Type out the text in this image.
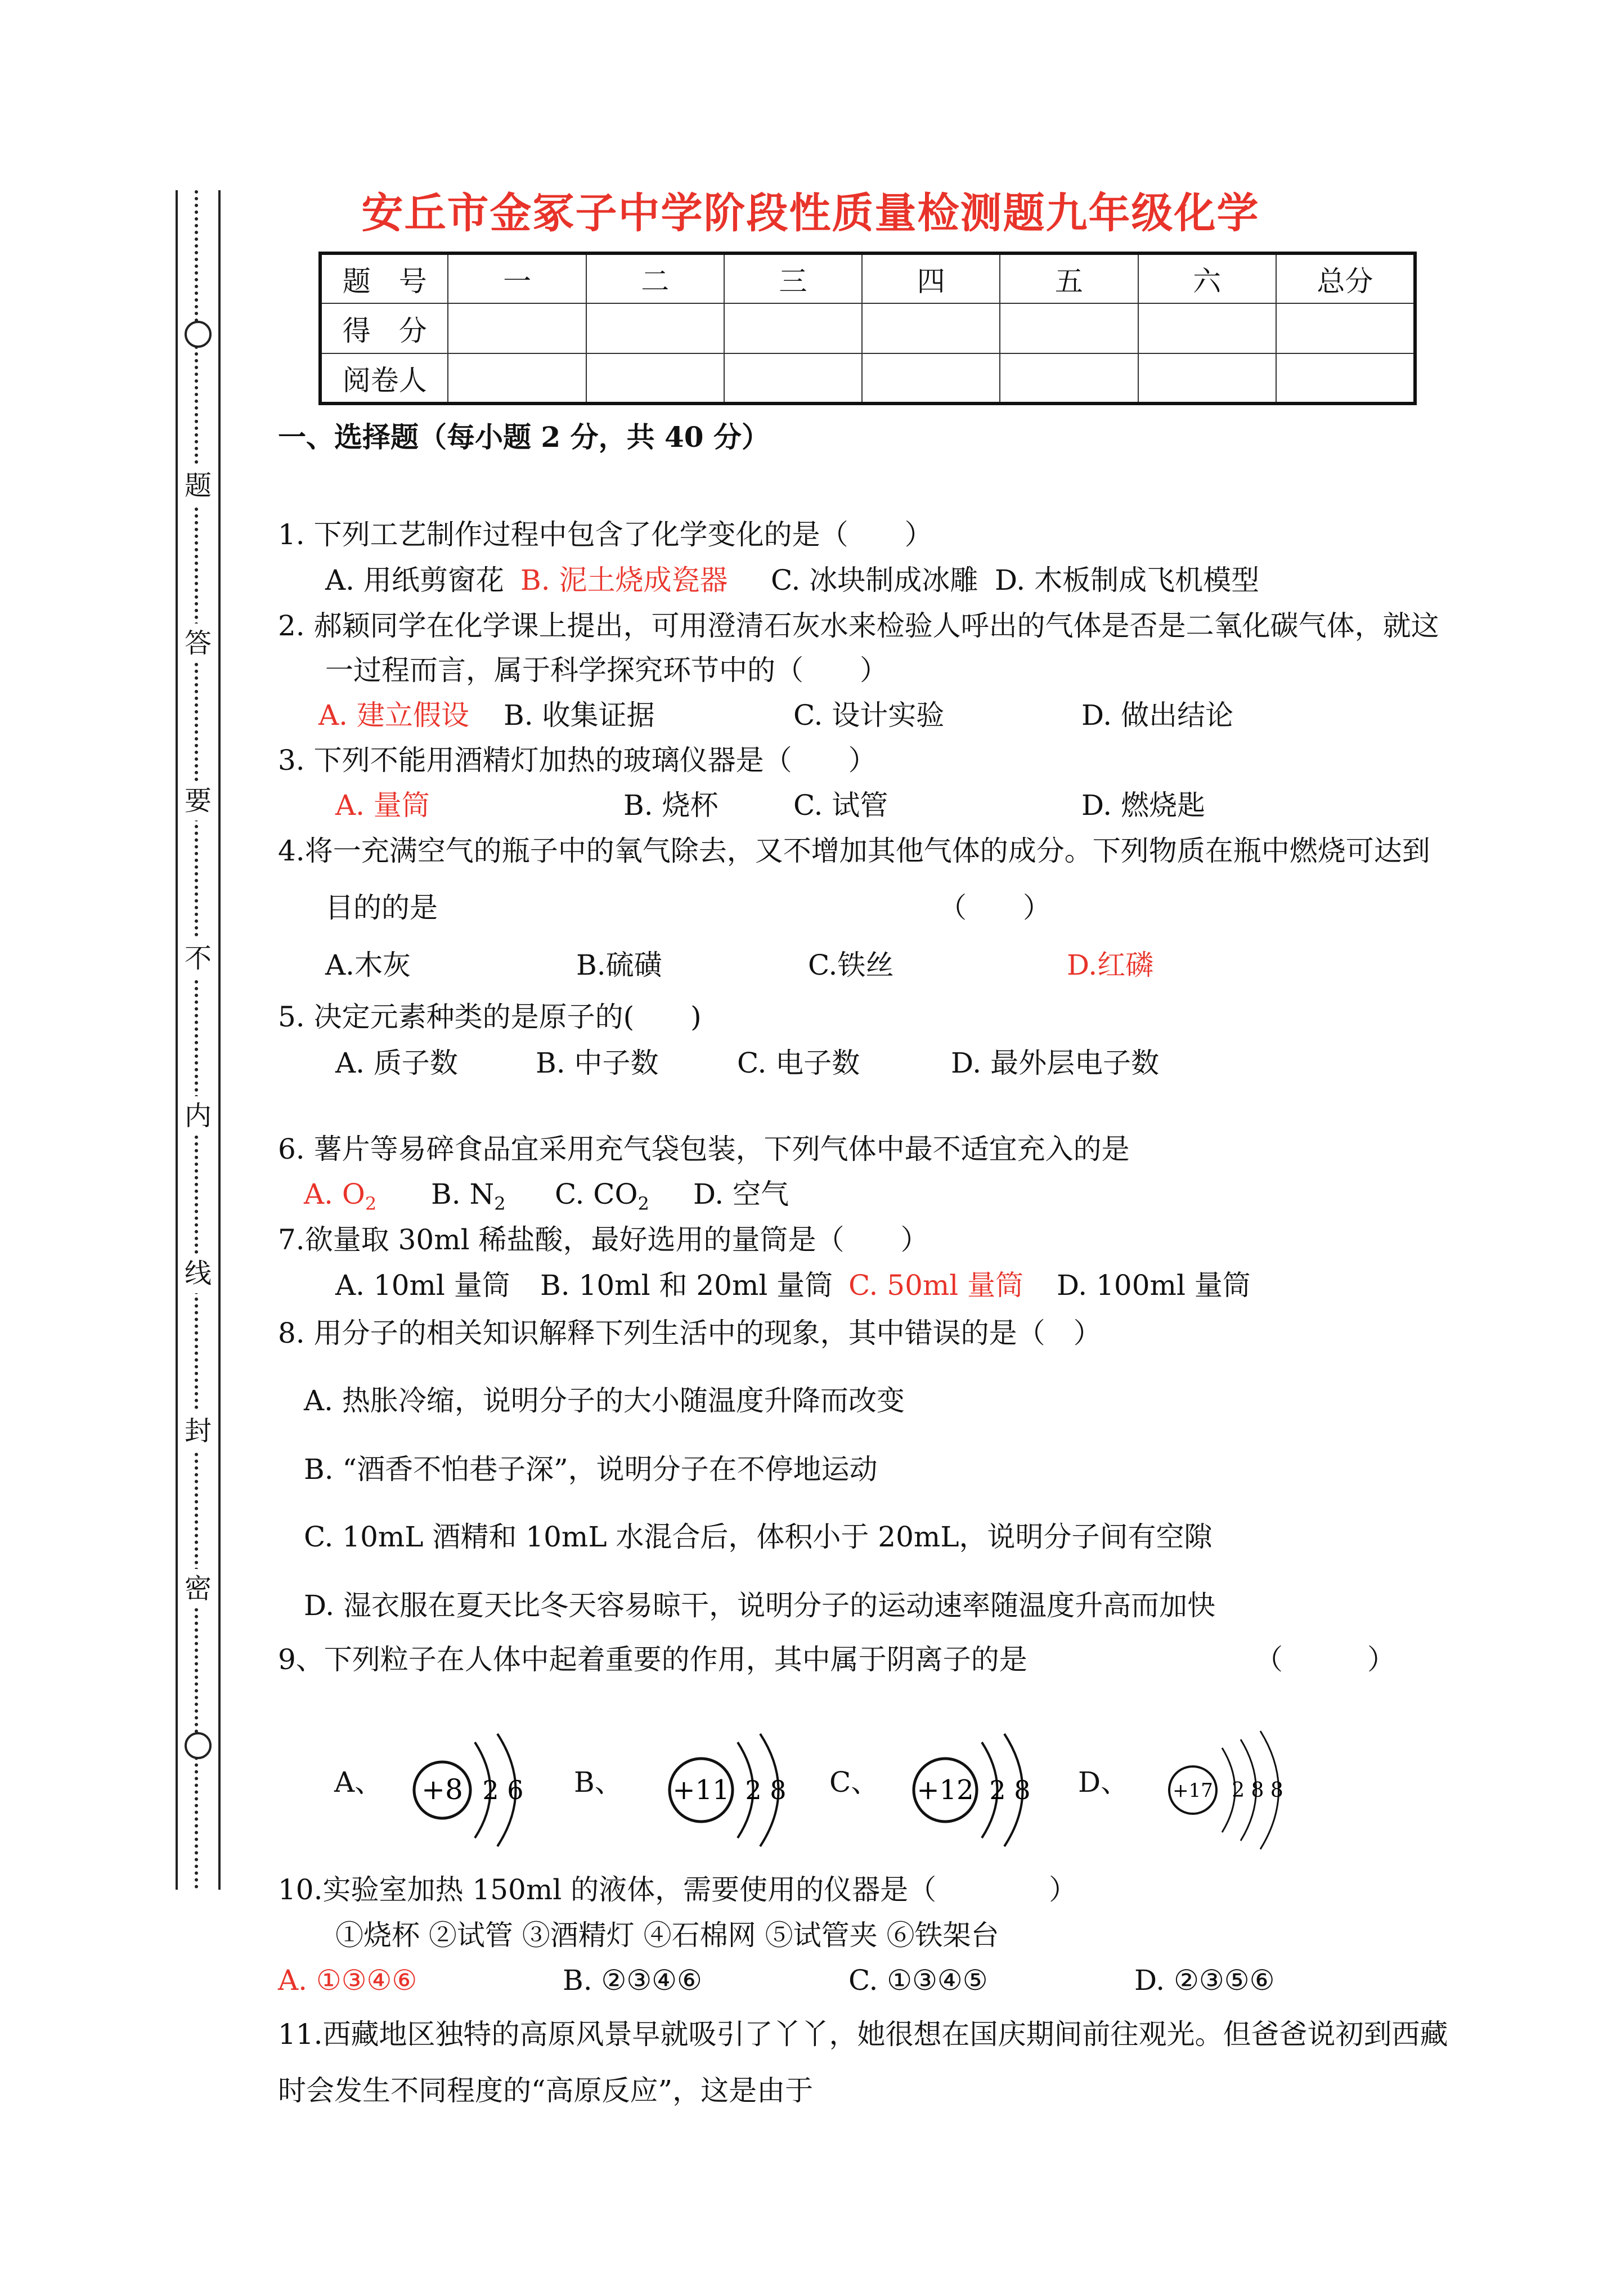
题
答
要
不
内
线
封
密
安丘市金冢子中学阶段性质量检测题九年级化学
题　号	一	二	三	四	五	六	总分
得　分							
阅卷人							
一、选择题（每小题 2 分，共 40 分）
1. 下列工艺制作过程中包含了化学变化的是（　　）
A. 用纸剪窗花 B. 泥土烧成瓷器 C. 冰块制成冰雕 D. 木板制成飞机模型
2. 郝颖同学在化学课上提出，可用澄清石灰水来检验人呼出的气体是否是二氧化碳气体，就这
一过程而言，属于科学探究环节中的（　　）
A. 建立假设 B. 收集证据	C. 设计实验	D. 做出结论
3. 下列不能用酒精灯加热的玻璃仪器是（　　）
A. 量筒	B. 烧杯	C. 试管	D. 燃烧匙
4.将一充满空气的瓶子中的氧气除去，又不增加其他气体的成分。下列物质在瓶中燃烧可达到
目的的是	（　　）
A.木灰	B.硫磺	C.铁丝	D.红磷
5. 决定元素种类的是原子的(　　)
A. 质子数	B. 中子数	C. 电子数	D. 最外层电子数
6. 薯片等易碎食品宜采用充气袋包装，下列气体中最不适宜充入的是
A. $O_2$ B. $N_2$ C. $CO_2$ D. 空气
7.欲量取 30ml 稀盐酸，最好选用的量筒是（　　）
A. 10ml 量筒 B. 10ml 和 20ml 量筒 C. 50ml 量筒 D. 100ml 量筒
8. 用分子的相关知识解释下列生活中的现象，其中错误的是（　）
A. 热胀冷缩，说明分子的大小随温度升降而改变
B. “酒香不怕巷子深”，说明分子在不停地运动
C. 10mL 酒精和 10mL 水混合后，体积小于 20mL，说明分子间有空隙
D. 湿衣服在夏天比冬天容易晾干，说明分子的运动速率随温度升高而加快
9、下列粒子在人体中起着重要的作用，其中属于阴离子的是	（　　　）
A、 +8 2 6 B、 +11 2 8 C、 +12 2 8 D、 +17 2 8 8
10.实验室加热 150ml 的液体，需要使用的仪器是（　　　　）
①烧杯 ②试管 ③酒精灯 ④石棉网 ⑤试管夹 ⑥铁架台
A. ①③④⑥	B. ②③④⑥	C. ①③④⑤	D. ②③⑤⑥
11.西藏地区独特的高原风景早就吸引了丫丫，她很想在国庆期间前往观光。但爸爸说初到西藏
时会发生不同程度的“高原反应”，这是由于
